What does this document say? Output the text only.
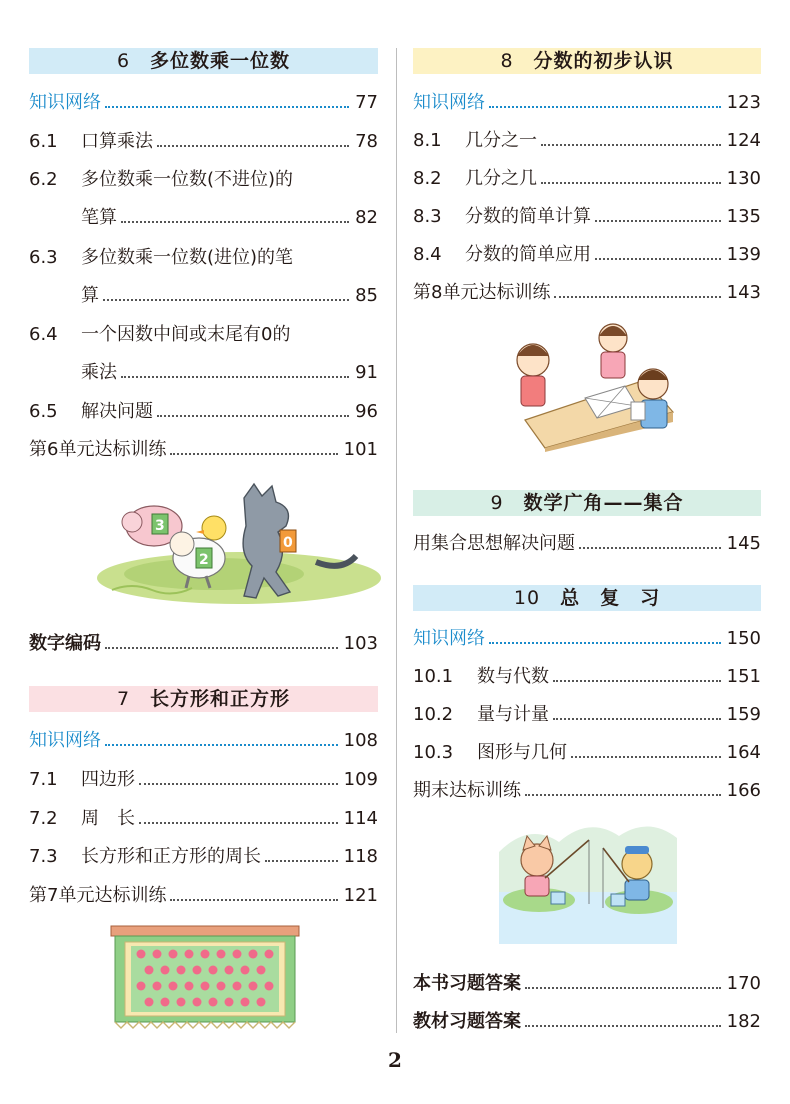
6 多位数乘一位数
知识网络	77
6.1	口算乘法	78
6.2	多位数乘一位数(不进位)的
笔算	82
6.3	多位数乘一位数(进位)的笔
算	85
6.4	一个因数中间或末尾有0的
乘法	91
6.5	解决问题	96
第6单元达标训练	101
3
2
0
数字编码	103
7 长方形和正方形
知识网络	108
7.1	四边形	109
7.2	周　长	114
7.3	长方形和正方形的周长	118
第7单元达标训练	121
8 分数的初步认识
知识网络	123
8.1	几分之一	124
8.2	几分之几	130
8.3	分数的简单计算	135
8.4	分数的简单应用	139
第8单元达标训练	143
9 数学广角——集合
用集合思想解决问题	145
10 总　复　习
知识网络	150
10.1	数与代数	151
10.2	量与计量	159
10.3	图形与几何	164
期末达标训练	166
本书习题答案	170
教材习题答案	182
2
